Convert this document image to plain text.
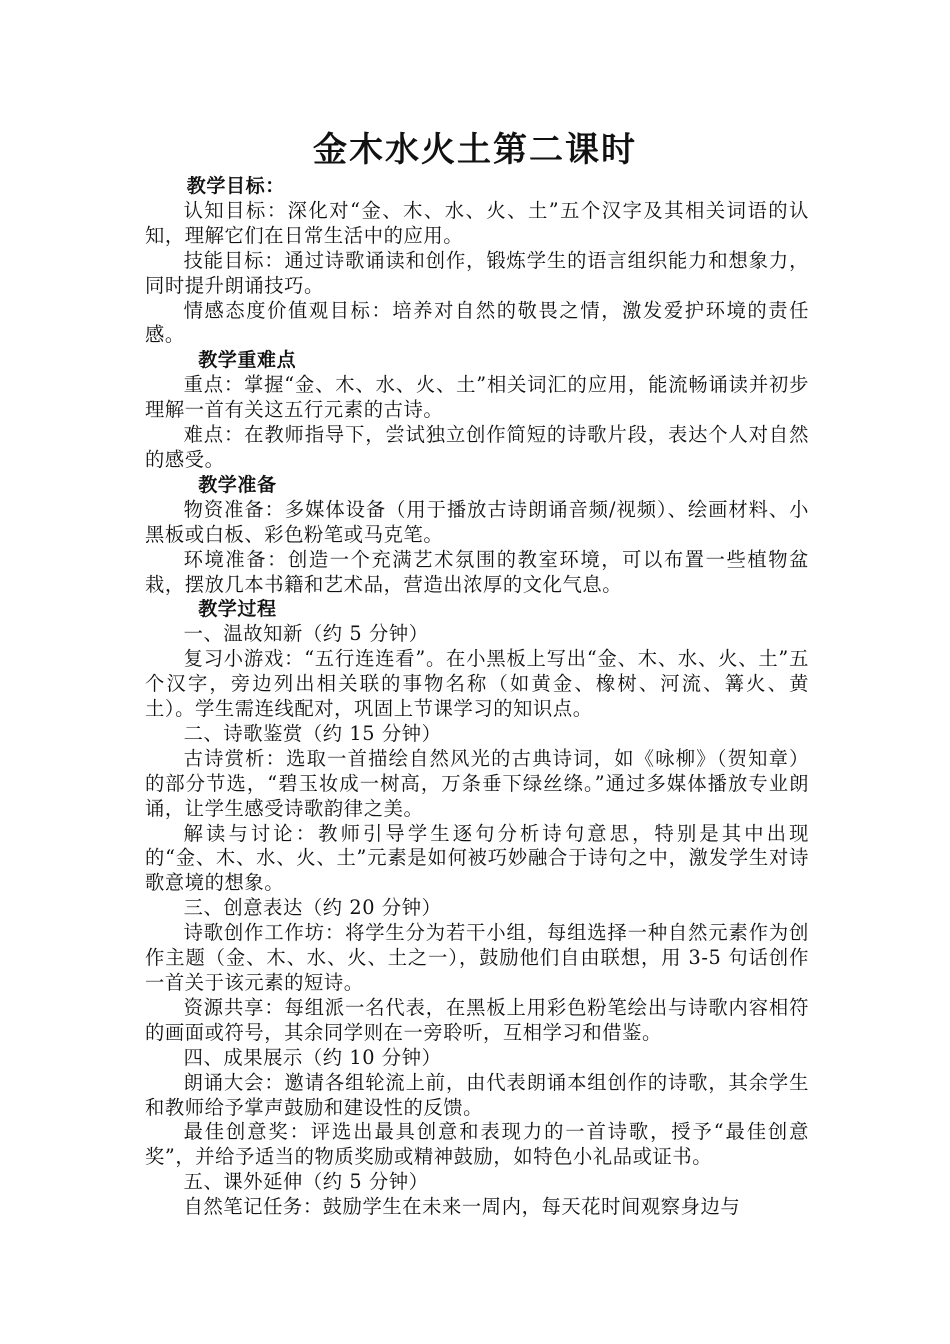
金木水火土第二课时

教学目标：

认知目标：深化对“金、木、水、火、土”五个汉字及其相关词语的认知，理解它们在日常生活中的应用。

技能目标：通过诗歌诵读和创作，锻炼学生的语言组织能力和想象力，同时提升朗诵技巧。

情感态度价值观目标：培养对自然的敬畏之情，激发爱护环境的责任感。

教学重难点

重点：掌握“金、木、水、火、土”相关词汇的应用，能流畅诵读并初步理解一首有关这五行元素的古诗。

难点：在教师指导下，尝试独立创作简短的诗歌片段，表达个人对自然的感受。

教学准备

物资准备：多媒体设备（用于播放古诗朗诵音频/视频）、绘画材料、小黑板或白板、彩色粉笔或马克笔。

环境准备：创造一个充满艺术氛围的教室环境，可以布置一些植物盆栽，摆放几本书籍和艺术品，营造出浓厚的文化气息。

教学过程

一、温故知新（约 5 分钟）

复习小游戏：“五行连连看”。在小黑板上写出“金、木、水、火、土”五个汉字，旁边列出相关联的事物名称（如黄金、橡树、河流、篝火、黄土）。学生需连线配对，巩固上节课学习的知识点。

二、诗歌鉴赏（约 15 分钟）

古诗赏析：选取一首描绘自然风光的古典诗词，如《咏柳》（贺知章）的部分节选，“碧玉妆成一树高，万条垂下绿丝绦。”通过多媒体播放专业朗诵，让学生感受诗歌韵律之美。

解读与讨论：教师引导学生逐句分析诗句意思，特别是其中出现的“金、木、水、火、土”元素是如何被巧妙融合于诗句之中，激发学生对诗歌意境的想象。

三、创意表达（约 20 分钟）

诗歌创作工作坊：将学生分为若干小组，每组选择一种自然元素作为创作主题（金、木、水、火、土之一），鼓励他们自由联想，用 3-5 句话创作一首关于该元素的短诗。

资源共享：每组派一名代表，在黑板上用彩色粉笔绘出与诗歌内容相符的画面或符号，其余同学则在一旁聆听，互相学习和借鉴。

四、成果展示（约 10 分钟）

朗诵大会：邀请各组轮流上前，由代表朗诵本组创作的诗歌，其余学生和教师给予掌声鼓励和建设性的反馈。

最佳创意奖：评选出最具创意和表现力的一首诗歌，授予“最佳创意奖”，并给予适当的物质奖励或精神鼓励，如特色小礼品或证书。

五、课外延伸（约 5 分钟）

自然笔记任务：鼓励学生在未来一周内，每天花时间观察身边与
